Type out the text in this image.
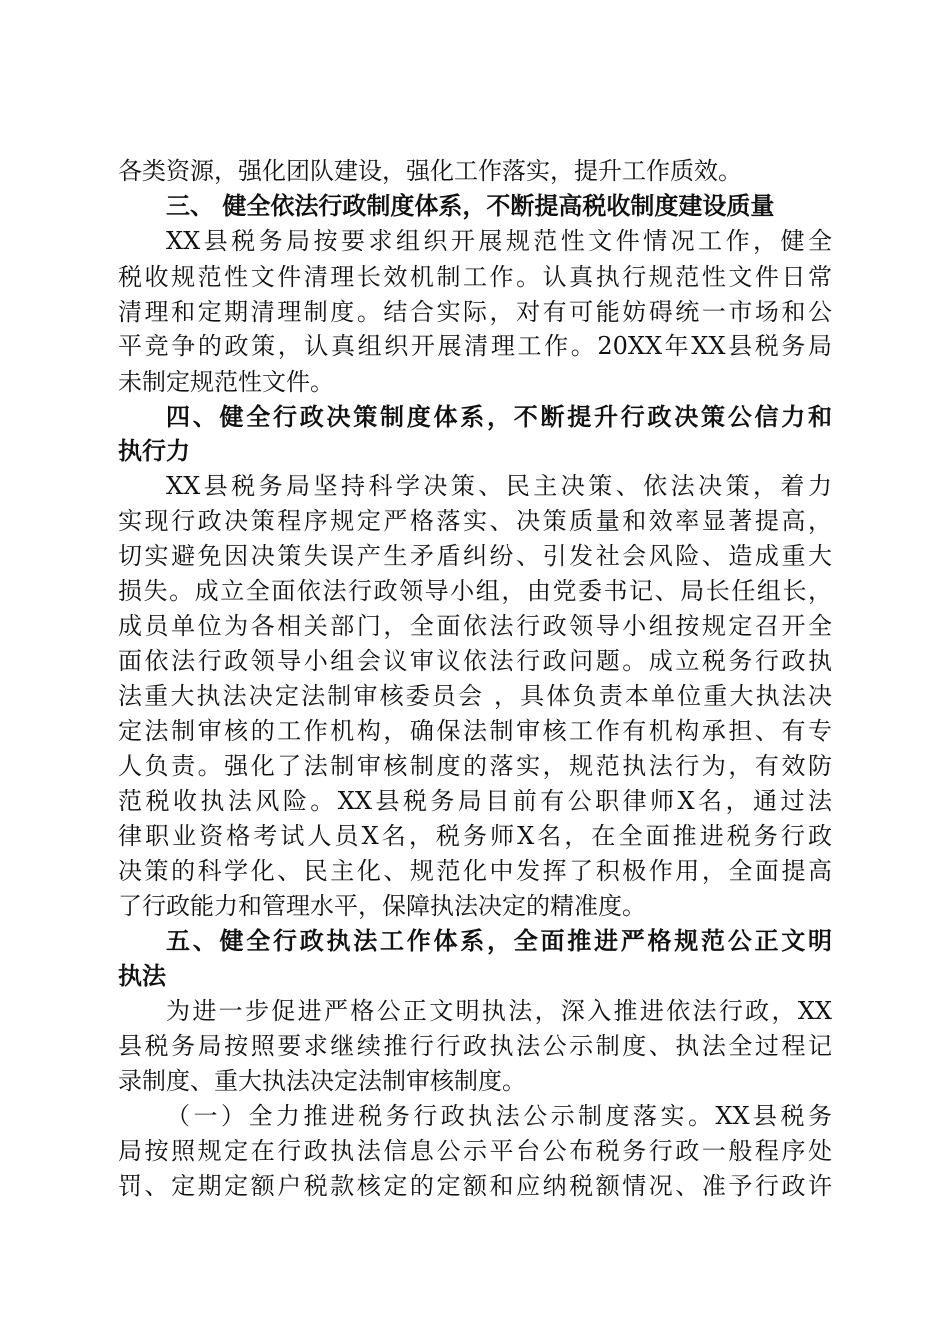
各类资源，强化团队建设，强化工作落实，提升工作质效。
三、 健全依法行政制度体系，不断提高税收制度建设质量
XX县税务局按要求组织开展规范性文件情况工作，健全
税收规范性文件清理长效机制工作。认真执行规范性文件日常
清理和定期清理制度。结合实际，对有可能妨碍统一市场和公
平竞争的政策，认真组织开展清理工作。20XX年XX县税务局
未制定规范性文件。
四、健全行政决策制度体系，不断提升行政决策公信力和
执行力
XX县税务局坚持科学决策、民主决策、依法决策，着力
实现行政决策程序规定严格落实、决策质量和效率显著提高，
切实避免因决策失误产生矛盾纠纷、引发社会风险、造成重大
损失。成立全面依法行政领导小组，由党委书记、局长任组长，
成员单位为各相关部门，全面依法行政领导小组按规定召开全
面依法行政领导小组会议审议依法行政问题。成立税务行政执
法重大执法决定法制审核委员会 ，具体负责本单位重大执法决
定法制审核的工作机构，确保法制审核工作有机构承担、有专
人负责。强化了法制审核制度的落实，规范执法行为，有效防
范税收执法风险。XX县税务局目前有公职律师X名，通过法
律职业资格考试人员X名，税务师X名，在全面推进税务行政
决策的科学化、民主化、规范化中发挥了积极作用，全面提高
了行政能力和管理水平，保障执法决定的精准度。
五、健全行政执法工作体系，全面推进严格规范公正文明
执法
为进一步促进严格公正文明执法，深入推进依法行政，XX
县税务局按照要求继续推行行政执法公示制度、执法全过程记
录制度、重大执法决定法制审核制度。
（一）全力推进税务行政执法公示制度落实。XX县税务
局按照规定在行政执法信息公示平台公布税务行政一般程序处
罚、定期定额户税款核定的定额和应纳税额情况、准予行政许
